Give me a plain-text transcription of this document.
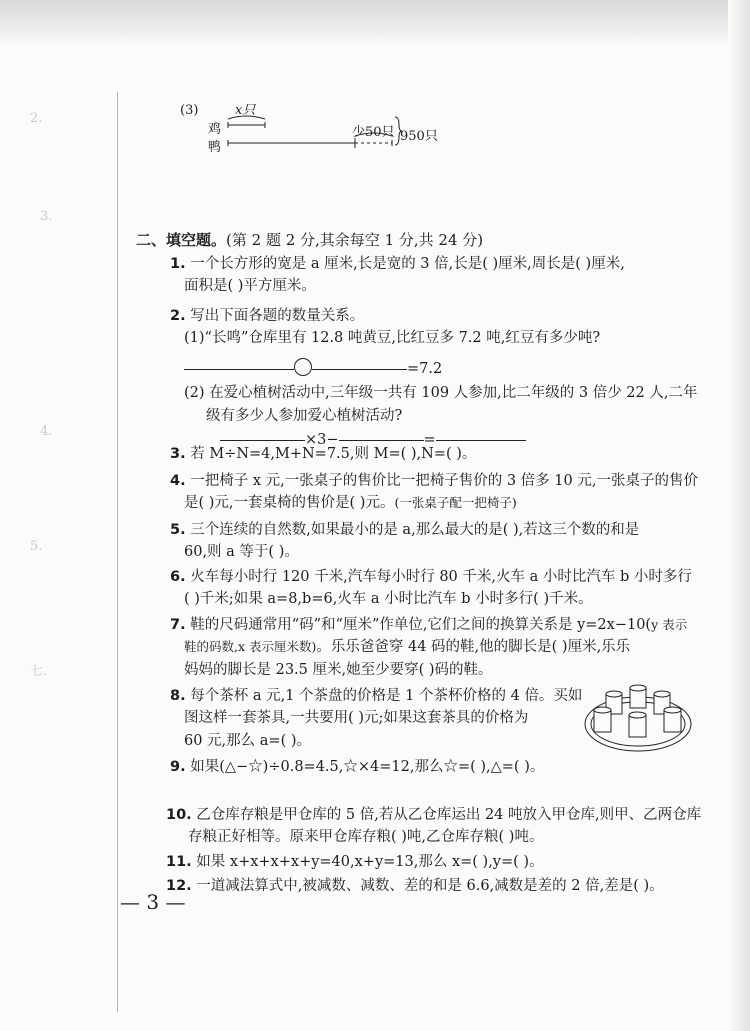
2.
3.
4.
5.
七.
(3)	x只
鸡
鸭
少50只 950只
二、填空题。(第 2 题 2 分,其余每空 1 分,共 24 分)
1. 一个长方形的宽是 a 厘米,长是宽的 3 倍,长是( )厘米,周长是( )厘米,
面积是( )平方厘米。
2. 写出下面各题的数量关系。
(1)“长鸣”仓库里有 12.8 吨黄豆,比红豆多 7.2 吨,红豆有多少吨?
=7.2
(2) 在爱心植树活动中,三年级一共有 109 人参加,比二年级的 3 倍少 22 人,二年
级有多少人参加爱心植树活动?
×3−	=
3. 若 M÷N=4,M+N=7.5,则 M=( ),N=( )。
4. 一把椅子 x 元,一张桌子的售价比一把椅子售价的 3 倍多 10 元,一张桌子的售价
是( )元,一套桌椅的售价是( )元。(一张桌子配一把椅子)
5. 三个连续的自然数,如果最小的是 a,那么最大的是( ),若这三个数的和是
60,则 a 等于( )。
6. 火车每小时行 120 千米,汽车每小时行 80 千米,火车 a 小时比汽车 b 小时多行
( )千米;如果 a=8,b=6,火车 a 小时比汽车 b 小时多行( )千米。
7. 鞋的尺码通常用“码”和“厘米”作单位,它们之间的换算关系是 y=2x−10(y 表示
鞋的码数,x 表示厘米数)。乐乐爸爸穿 44 码的鞋,他的脚长是( )厘米,乐乐
妈妈的脚长是 23.5 厘米,她至少要穿( )码的鞋。
8. 每个茶杯 a 元,1 个茶盘的价格是 1 个茶杯价格的 4 倍。买如
图这样一套茶具,一共要用( )元;如果这套茶具的价格为
60 元,那么 a=( )。
9. 如果(△−☆)÷0.8=4.5,☆×4=12,那么☆=( ),△=( )。
10. 乙仓库存粮是甲仓库的 5 倍,若从乙仓库运出 24 吨放入甲仓库,则甲、乙两仓库
存粮正好相等。原来甲仓库存粮( )吨,乙仓库存粮( )吨。
11. 如果 x+x+x+x+y=40,x+y=13,那么 x=( ),y=( )。
12. 一道减法算式中,被减数、减数、差的和是 6.6,减数是差的 2 倍,差是( )。
— 3 —
